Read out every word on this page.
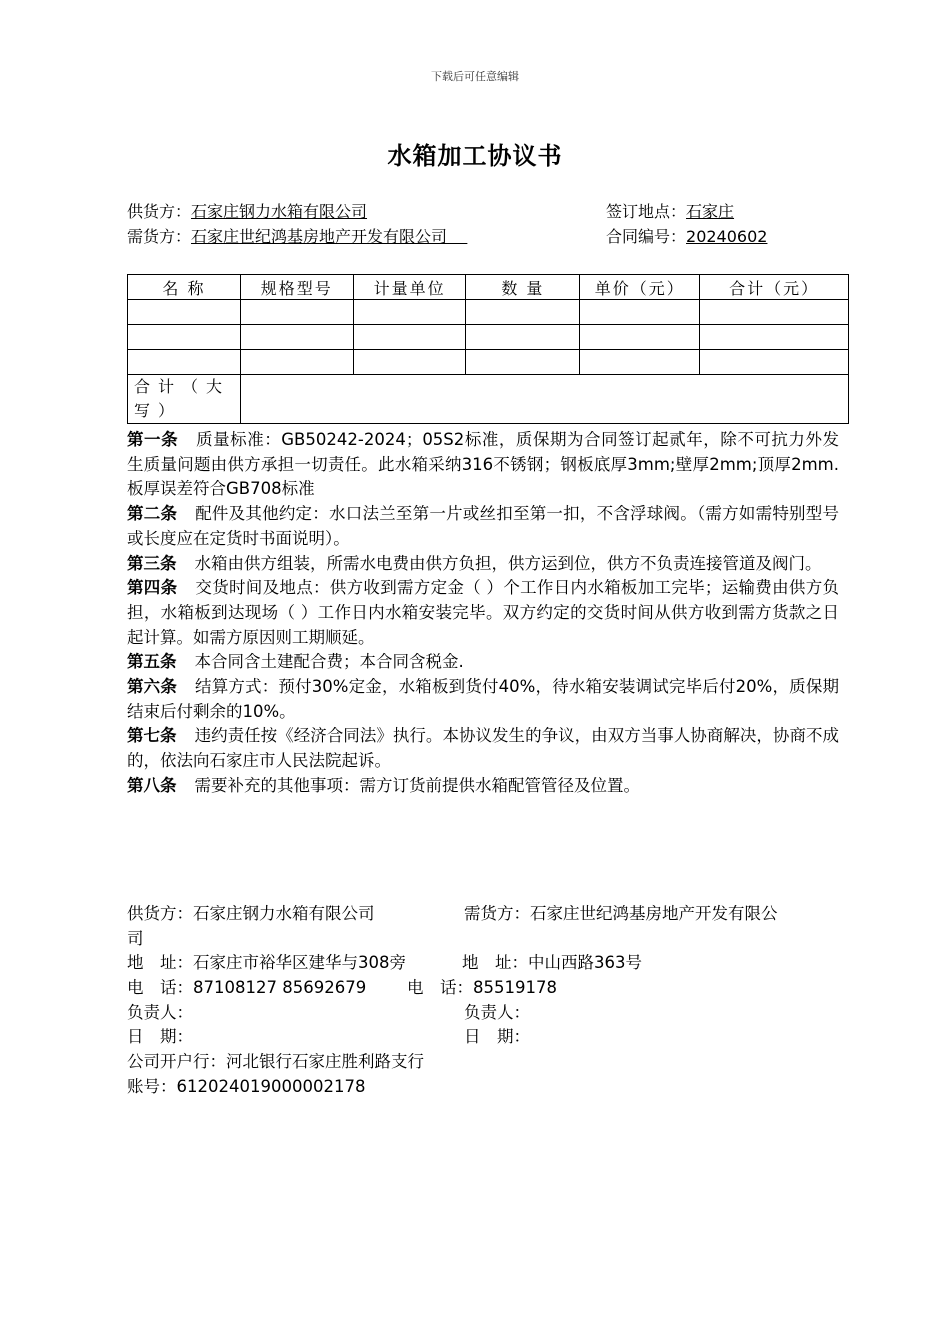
下载后可任意编辑
水箱加工协议书
供货方：石家庄钢力水箱有限公司	签订地点：石家庄
需货方：石家庄世纪鸿基房地产开发有限公司	合同编号：20240602
名 称	规格型号	计量单位	数 量	单价（元）	合计（元）

合计（大写）					

第一条 质量标准：GB50242-2024；05S2标准，质保期为合同签订起贰年，除不可抗力外发生质量问题由供方承担一切责任。此水箱采纳316不锈钢；钢板底厚3mm;壁厚2mm;顶厚2mm.板厚误差符合GB708标准

第二条 配件及其他约定：水口法兰至第一片或丝扣至第一扣，不含浮球阀。（需方如需特别型号或长度应在定货时书面说明）。

第三条 水箱由供方组装，所需水电费由供方负担，供方运到位，供方不负责连接管道及阀门。

第四条 交货时间及地点：供方收到需方定金（ ）个工作日内水箱板加工完毕；运输费由供方负担，水箱板到达现场（ ）工作日内水箱安装完毕。双方约定的交货时间从供方收到需方货款之日起计算。如需方原因则工期顺延。

第五条 本合同含土建配合费；本合同含税金.

第六条 结算方式：预付30%定金，水箱板到货付40%，待水箱安装调试完毕后付20%，质保期结束后付剩余的10%。

第七条 违约责任按《经济合同法》执行。本协议发生的争议，由双方当事人协商解决，协商不成的，依法向石家庄市人民法院起诉。

第八条 需要补充的其他事项：需方订货前提供水箱配管管径及位置。

供货方：石家庄钢力水箱有限公司	需货方：石家庄世纪鸿基房地产开发有限公
司
地　址：石家庄市裕华区建华与308旁	地　址：中山西路363号
电　话：87108127 85692679 电　话：85519178
负责人：	负责人：
日　期：	日　期：
公司开户行：河北银行石家庄胜利路支行
账号：612024019000002178
